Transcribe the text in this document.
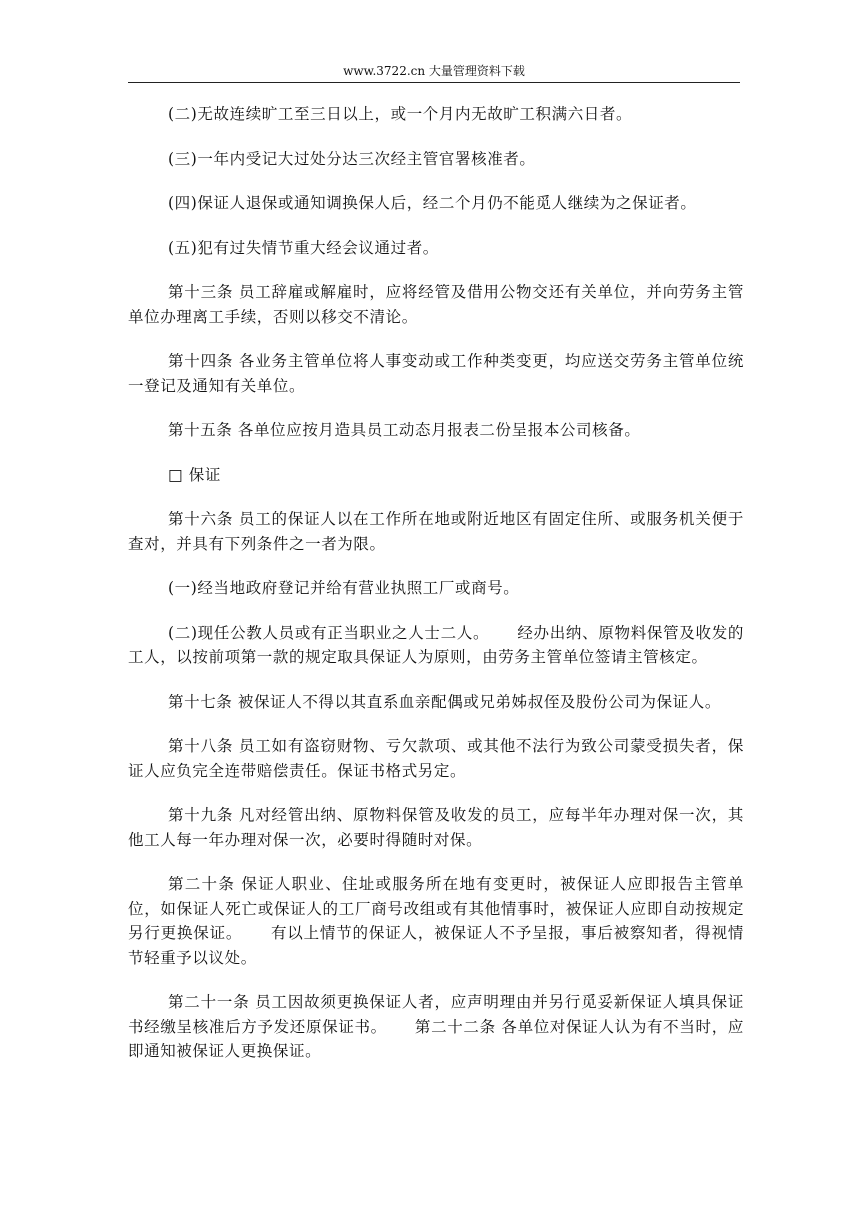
www.3722.cn 大量管理资料下载

(二)无故连续旷工至三日以上，或一个月内无故旷工积满六日者。

(三)一年内受记大过处分达三次经主管官署核准者。

(四)保证人退保或通知调换保人后，经二个月仍不能觅人继续为之保证者。

(五)犯有过失情节重大经会议通过者。

第十三条 员工辞雇或解雇时，应将经管及借用公物交还有关单位，并向劳务主管单位办理离工手续，否则以移交不清论。

第十四条 各业务主管单位将人事变动或工作种类变更，均应送交劳务主管单位统一登记及通知有关单位。

第十五条 各单位应按月造具员工动态月报表二份呈报本公司核备。

□ 保证

第十六条 员工的保证人以在工作所在地或附近地区有固定住所、或服务机关便于查对，并具有下列条件之一者为限。

(一)经当地政府登记并给有营业执照工厂或商号。

(二)现任公教人员或有正当职业之人士二人。     经办出纳、原物料保管及收发的工人，以按前项第一款的规定取具保证人为原则，由劳务主管单位签请主管核定。

第十七条 被保证人不得以其直系血亲配偶或兄弟姊叔侄及股份公司为保证人。

第十八条 员工如有盗窃财物、亏欠款项、或其他不法行为致公司蒙受损失者，保证人应负完全连带赔偿责任。保证书格式另定。

第十九条 凡对经管出纳、原物料保管及收发的员工，应每半年办理对保一次，其他工人每一年办理对保一次，必要时得随时对保。

第二十条 保证人职业、住址或服务所在地有变更时，被保证人应即报告主管单位，如保证人死亡或保证人的工厂商号改组或有其他情事时，被保证人应即自动按规定另行更换保证。     有以上情节的保证人，被保证人不予呈报，事后被察知者，得视情节轻重予以议处。

第二十一条 员工因故须更换保证人者，应声明理由并另行觅妥新保证人填具保证书经缴呈核准后方予发还原保证书。     第二十二条 各单位对保证人认为有不当时，应即通知被保证人更换保证。
